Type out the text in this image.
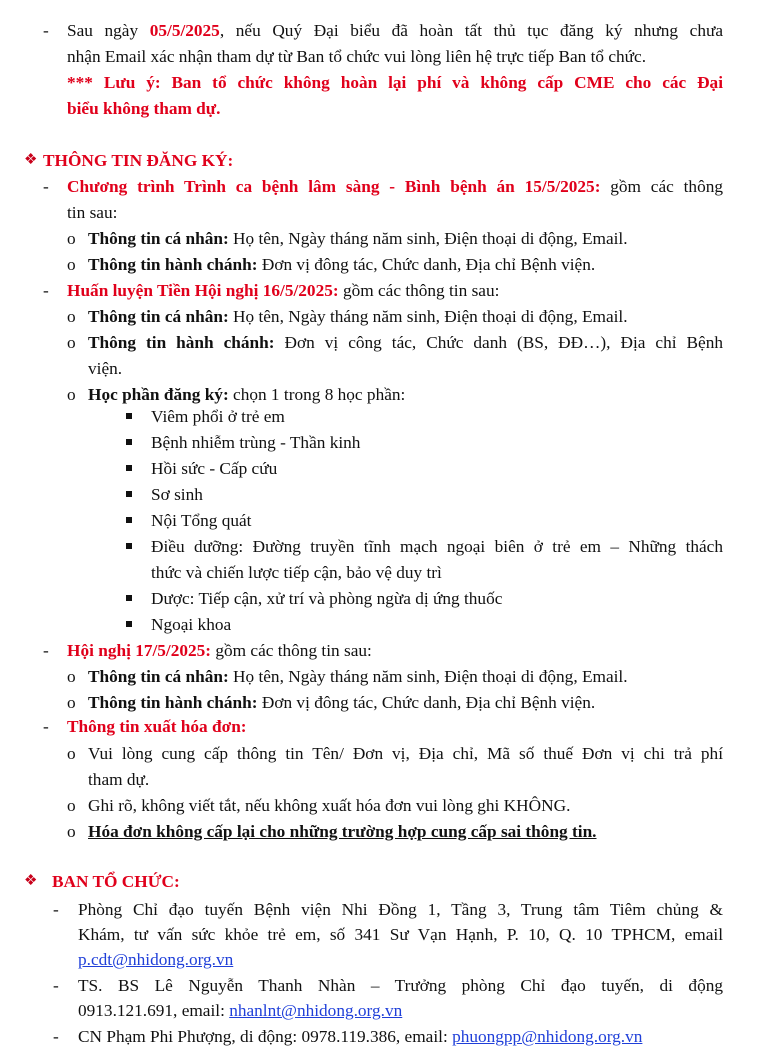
- Sau ngày 05/5/2025, nếu Quý Đại biểu đã hoàn tất thủ tục đăng ký nhưng chưa
nhận Email xác nhận tham dự từ Ban tổ chức vui lòng liên hệ trực tiếp Ban tổ chức.
*** Lưu ý: Ban tổ chức không hoàn lại phí và không cấp CME cho các Đại
biểu không tham dự.
❖ THÔNG TIN ĐĂNG KÝ:
- Chương trình Trình ca bệnh lâm sàng - Bình bệnh án 15/5/2025: gồm các thông
tin sau:
o Thông tin cá nhân: Họ tên, Ngày tháng năm sinh, Điện thoại di động, Email.
o Thông tin hành chánh: Đơn vị đông tác, Chức danh, Địa chỉ Bệnh viện.
- Huấn luyện Tiền Hội nghị 16/5/2025: gồm các thông tin sau:
o Thông tin cá nhân: Họ tên, Ngày tháng năm sinh, Điện thoại di động, Email.
o Thông tin hành chánh: Đơn vị công tác, Chức danh (BS, ĐĐ…), Địa chỉ Bệnh
viện.
o Học phần đăng ký: chọn 1 trong 8 học phần:
Viêm phổi ở trẻ em
Bệnh nhiễm trùng - Thần kinh
Hồi sức - Cấp cứu
Sơ sinh
Nội Tổng quát
Điều dưỡng: Đường truyền tĩnh mạch ngoại biên ở trẻ em – Những thách
thức và chiến lược tiếp cận, bảo vệ duy trì
Dược: Tiếp cận, xử trí và phòng ngừa dị ứng thuốc
Ngoại khoa
- Hội nghị 17/5/2025: gồm các thông tin sau:
o Thông tin cá nhân: Họ tên, Ngày tháng năm sinh, Điện thoại di động, Email.
o Thông tin hành chánh: Đơn vị đông tác, Chức danh, Địa chỉ Bệnh viện.
- Thông tin xuất hóa đơn:
o Vui lòng cung cấp thông tin Tên/ Đơn vị, Địa chỉ, Mã số thuế Đơn vị chi trả phí
tham dự.
o Ghi rõ, không viết tắt, nếu không xuất hóa đơn vui lòng ghi KHÔNG.
o Hóa đơn không cấp lại cho những trường hợp cung cấp sai thông tin.
❖ BAN TỔ CHỨC:
- Phòng Chỉ đạo tuyến Bệnh viện Nhi Đồng 1, Tầng 3, Trung tâm Tiêm chủng &
Khám, tư vấn sức khỏe trẻ em, số 341 Sư Vạn Hạnh, P. 10, Q. 10 TPHCM, email
p.cdt@nhidong.org.vn
- TS. BS Lê Nguyễn Thanh Nhàn – Trưởng phòng Chỉ đạo tuyến, di động
0913.121.691, email: nhanlnt@nhidong.org.vn
- CN Phạm Phi Phượng, di động: 0978.119.386, email: phuongpp@nhidong.org.vn
